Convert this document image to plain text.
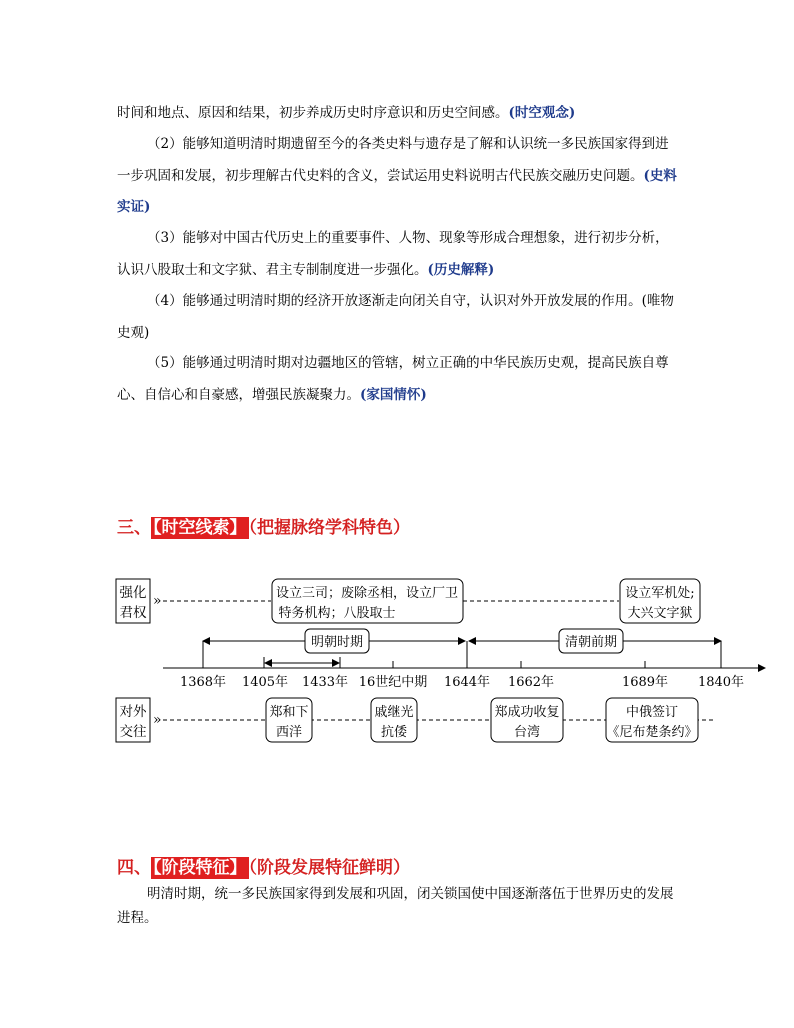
时间和地点、原因和结果，初步养成历史时序意识和历史空间感。(时空观念)

（2）能够知道明清时期遗留至今的各类史料与遗存是了解和认识统一多民族国家得到进一步巩固和发展，初步理解古代史料的含义，尝试运用史料说明古代民族交融历史问题。(史料实证)

（3）能够对中国古代历史上的重要事件、人物、现象等形成合理想象，进行初步分析，认识八股取士和文字狱、君主专制制度进一步强化。(历史解释)

（4）能够通过明清时期的经济开放逐渐走向闭关自守，认识对外开放发展的作用。(唯物史观)

（5）能够通过明清时期对边疆地区的管辖，树立正确的中华民族历史观，提高民族自尊心、自信心和自豪感，增强民族凝聚力。(家国情怀)

三、 【时空线索】 （把握脉络学科特色）
强化
君权
»	设立三司；废除丞相，设立厂卫
特务机构；八股取士
设立军机处;
大兴文字狱
明朝时期	清朝前期
1368年 1405年 1433年 16世纪中期 1644年 1662年	1689年 1840年
对外
交往
»	郑和下
西洋
戚继光
抗倭
郑成功收复
台湾
中俄签订
《尼布楚条约》
四、 【阶段特征】 （阶段发展特征鲜明）

明清时期，统一多民族国家得到发展和巩固，闭关锁国使中国逐渐落伍于世界历史的发展进程。
